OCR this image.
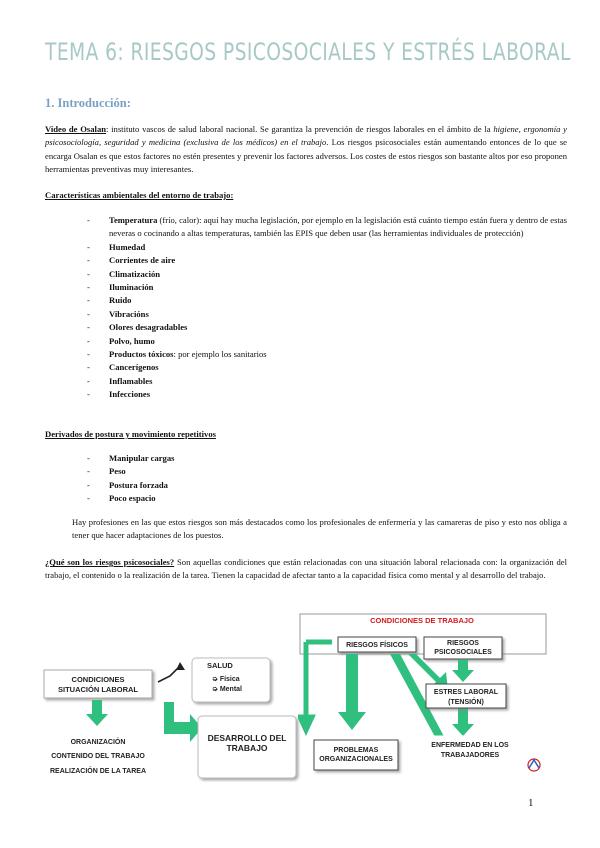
TEMA 6: RIESGOS PSICOSOCIALES Y ESTRÉS LABORAL
1. Introducción:
Video de Osalan: instituto vascos de salud laboral nacional. Se garantiza la prevención de riesgos laborales en el ámbito de la higiene, ergonomía y psicosociología, seguridad y medicina (exclusiva de los médicos) en el trabajo. Los riesgos psicosociales están aumentando entonces de lo que se encarga Osalan es que estos factores no estén presentes y prevenir los factores adversos. Los costes de estos riesgos son bastante altos por eso proponen herramientas preventivas muy interesantes.
Características ambientales del entorno de trabajo:
- Temperatura (frío, calor): aquí hay mucha legislación, por ejemplo en la legislación está cuánto tiempo están fuera y dentro de estas neveras o cocinando a altas temperaturas, también las EPIS que deben usar (las herramientas individuales de protección)
- Humedad
- Corrientes de aire
- Climatización
- Iluminación
- Ruido
- Vibracións
- Olores desagradables
- Polvo, humo
- Productos tóxicos: por ejemplo los sanitarios
- Cancerígenos
- Inflamables
- Infecciones
Derivados de postura y movimiento repetitivos
- Manipular cargas
- Peso
- Postura forzada
- Poco espacio
Hay profesiones en las que estos riesgos son más destacados como los profesionales de enfermería y las camareras de piso y esto nos obliga a tener que hacer adaptaciones de los puestos.
¿Qué son los riesgos psicosociales? Son aquellas condiciones que están relacionadas con una situación laboral relacionada con: la organización del trabajo, el contenido o la realización de la tarea. Tienen la capacidad de afectar tanto a la capacidad física como mental y al desarrollo del trabajo.
CONDICIONES
SITUACIÓN LABORAL
ORGANIZACIÓN
CONTENIDO DEL TRABAJO
REALIZACIÓN DE LA TAREA
SALUD
➭ Física
➭ Mental
DESARROLLO DEL
TRABAJO
CONDICIONES DE TRABAJO
RIESGOS FÍSICOS	RIESGOS
PSICOSOCIALES
ESTRES LABORAL
(TENSIÓN)
PROBLEMAS
ORGANIZACIONALES
ENFERMEDAD EN LOS
TRABAJADORES
1
